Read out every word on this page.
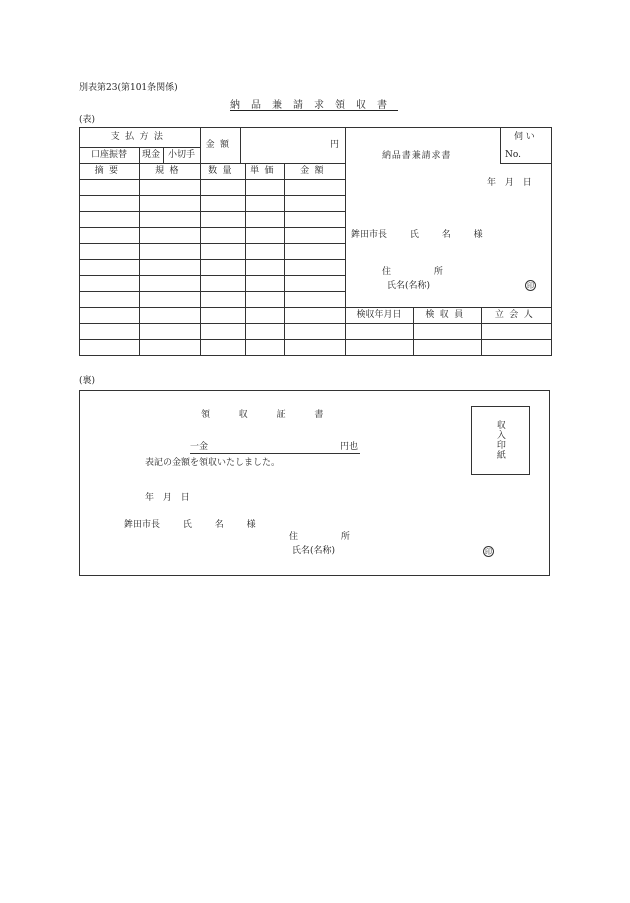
別表第23(第101条関係)
納品兼請求領収書
(表)
支払方法
口座振替	現金 小切手
金額	円
摘要	規格	数量	単価	金額
伺い
No.
納品書兼請求書
年 月 日
鉾田市長 氏 名 様
住 所
氏名(名称)	印
検収年月日	検収員	立会人
(裏)
領収証書
一金	円也
表記の金額を領収いたしました。
年 月 日
鉾田市長 氏 名 様
住 所
氏名(名称)	印
収入印紙
